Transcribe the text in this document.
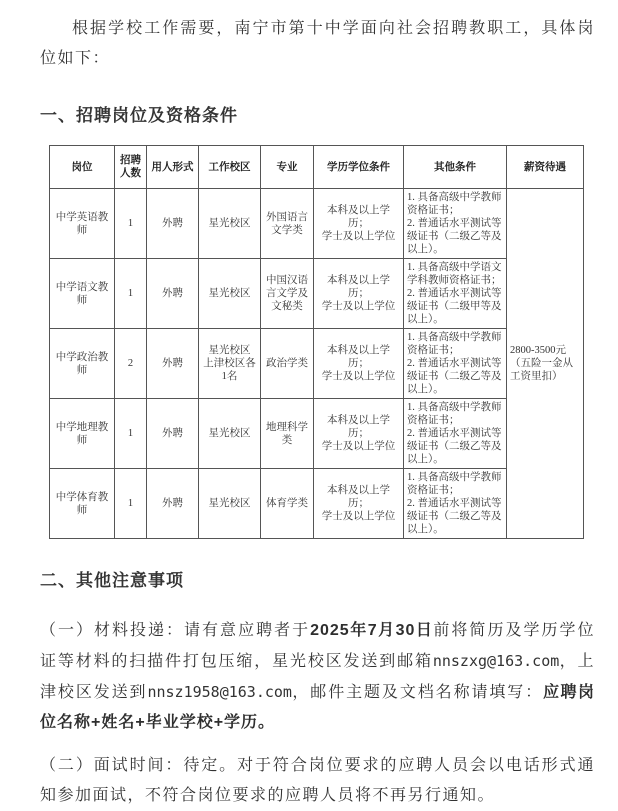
根据学校工作需要，南宁市第十中学面向社会招聘教职工，具体岗位如下：

一、招聘岗位及资格条件
岗位	招聘人数	用人形式	工作校区	专业	学历学位条件	其他条件	薪资待遇
中学英语教师	1	外聘	星光校区	外国语言文学类	本科及以上学历；
学士及以上学位	1. 具备高级中学教师资格证书；
2. 普通话水平测试等级证书（二级乙等及以上）。	2800-3500元（五险一金从工资里扣）
中学语文教师	1	外聘	星光校区	中国汉语言文学及文秘类	本科及以上学历；
学士及以上学位	1. 具备高级中学语文学科教师资格证书；
2. 普通话水平测试等级证书（二级甲等及以上）。	
中学政治教师	2	外聘	星光校区
上津校区各
1名	政治学类	本科及以上学历；
学士及以上学位	1. 具备高级中学教师资格证书；
2. 普通话水平测试等级证书（二级乙等及以上）。	
中学地理教师	1	外聘	星光校区	地理科学类	本科及以上学历；
学士及以上学位	1. 具备高级中学教师资格证书；
2. 普通话水平测试等级证书（二级乙等及以上）。	
中学体育教师	1	外聘	星光校区	体育学类	本科及以上学历；
学士及以上学位	1. 具备高级中学教师资格证书；
2. 普通话水平测试等级证书（二级乙等及以上）。	
二、其他注意事项

（一）材料投递：请有意应聘者于2025年7月30日前将简历及学历学位证等材料的扫描件打包压缩，星光校区发送到邮箱nnszxg@163.com，上津校区发送到nnsz1958@163.com，邮件主题及文档名称请填写：应聘岗位名称+姓名+毕业学校+学历。

（二）面试时间：待定。对于符合岗位要求的应聘人员会以电话形式通知参加面试，不符合岗位要求的应聘人员将不再另行通知。
